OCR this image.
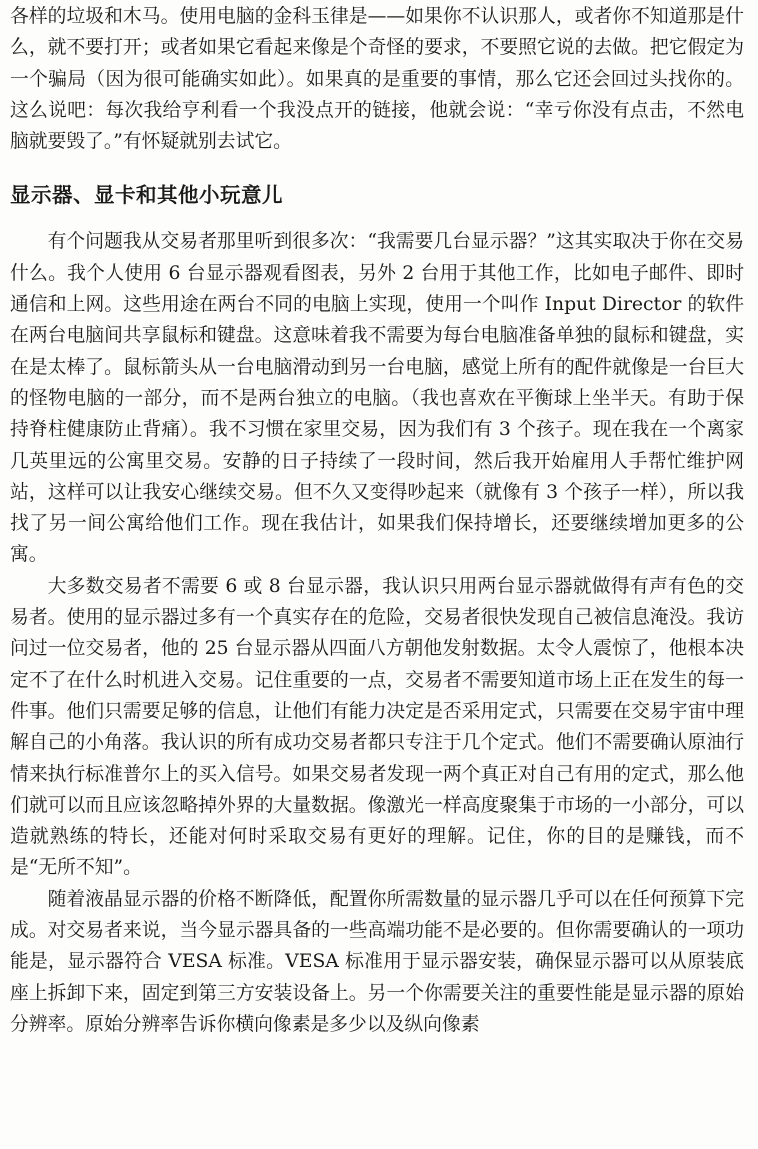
各样的垃圾和木马。使用电脑的金科玉律是——如果你不认识那人，或者你不知道那是什么，就不要打开；或者如果它看起来像是个奇怪的要求，不要照它说的去做。把它假定为一个骗局（因为很可能确实如此）。如果真的是重要的事情，那么它还会回过头找你的。这么说吧：每次我给亨利看一个我没点开的链接，他就会说：“幸亏你没有点击，不然电脑就要毁了。”有怀疑就别去试它。

显示器、显卡和其他小玩意儿

有个问题我从交易者那里听到很多次：“我需要几台显示器？”这其实取决于你在交易什么。我个人使用 6 台显示器观看图表，另外 2 台用于其他工作，比如电子邮件、即时通信和上网。这些用途在两台不同的电脑上实现，使用一个叫作 Input Director 的软件在两台电脑间共享鼠标和键盘。这意味着我不需要为每台电脑准备单独的鼠标和键盘，实在是太棒了。鼠标箭头从一台电脑滑动到另一台电脑，感觉上所有的配件就像是一台巨大的怪物电脑的一部分，而不是两台独立的电脑。（我也喜欢在平衡球上坐半天。有助于保持脊柱健康防止背痛）。我不习惯在家里交易，因为我们有 3 个孩子。现在我在一个离家几英里远的公寓里交易。安静的日子持续了一段时间，然后我开始雇用人手帮忙维护网站，这样可以让我安心继续交易。但不久又变得吵起来（就像有 3 个孩子一样），所以我找了另一间公寓给他们工作。现在我估计，如果我们保持增长，还要继续增加更多的公寓。

大多数交易者不需要 6 或 8 台显示器，我认识只用两台显示器就做得有声有色的交易者。使用的显示器过多有一个真实存在的危险，交易者很快发现自己被信息淹没。我访问过一位交易者，他的 25 台显示器从四面八方朝他发射数据。太令人震惊了，他根本决定不了在什么时机进入交易。记住重要的一点，交易者不需要知道市场上正在发生的每一件事。他们只需要足够的信息，让他们有能力决定是否采用定式，只需要在交易宇宙中理解自己的小角落。我认识的所有成功交易者都只专注于几个定式。他们不需要确认原油行情来执行标准普尔上的买入信号。如果交易者发现一两个真正对自己有用的定式，那么他们就可以而且应该忽略掉外界的大量数据。像激光一样高度聚集于市场的一小部分，可以造就熟练的特长，还能对何时采取交易有更好的理解。记住，你的目的是赚钱，而不是“无所不知”。

随着液晶显示器的价格不断降低，配置你所需数量的显示器几乎可以在任何预算下完成。对交易者来说，当今显示器具备的一些高端功能不是必要的。但你需要确认的一项功能是，显示器符合 VESA 标准。VESA 标准用于显示器安装，确保显示器可以从原装底座上拆卸下来，固定到第三方安装设备上。另一个你需要关注的重要性能是显示器的原始分辨率。原始分辨率告诉你横向像素是多少以及纵向像素
